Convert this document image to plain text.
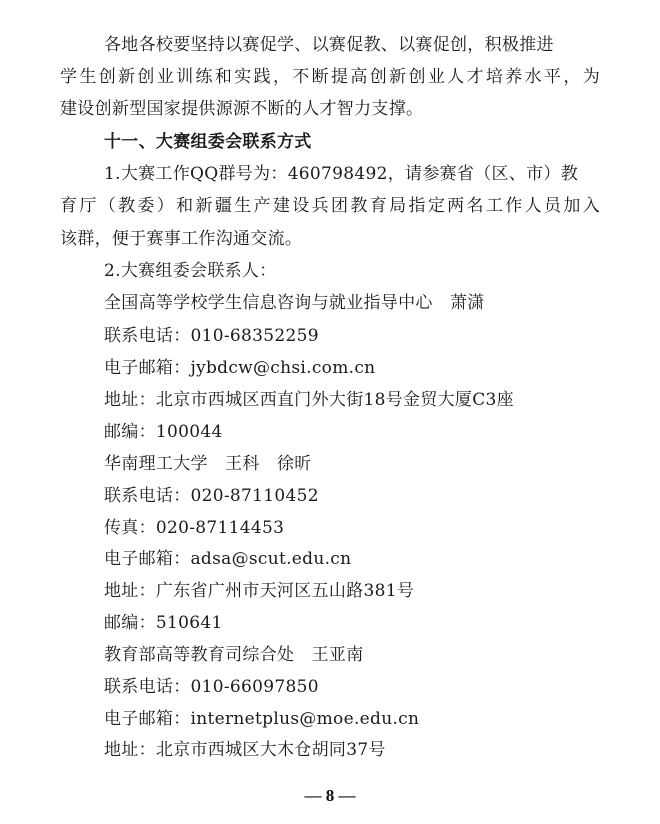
各地各校要坚持以赛促学、以赛促教、以赛促创，积极推进
学生创新创业训练和实践，不断提高创新创业人才培养水平，为
建设创新型国家提供源源不断的人才智力支撑。
十一、大赛组委会联系方式
1.大赛工作QQ群号为：460798492，请参赛省（区、市）教
育厅（教委）和新疆生产建设兵团教育局指定两名工作人员加入
该群，便于赛事工作沟通交流。
2.大赛组委会联系人：
全国高等学校学生信息咨询与就业指导中心　萧潇
联系电话：010-68352259
电子邮箱：jybdcw@chsi.com.cn
地址：北京市西城区西直门外大街18号金贸大厦C3座
邮编：100044
华南理工大学　王科　徐昕
联系电话：020-87110452
传真：020-87114453
电子邮箱：adsa@scut.edu.cn
地址：广东省广州市天河区五山路381号
邮编：510641
教育部高等教育司综合处　王亚南
联系电话：010-66097850
电子邮箱：internetplus@moe.edu.cn
地址：北京市西城区大木仓胡同37号
— 8 —
